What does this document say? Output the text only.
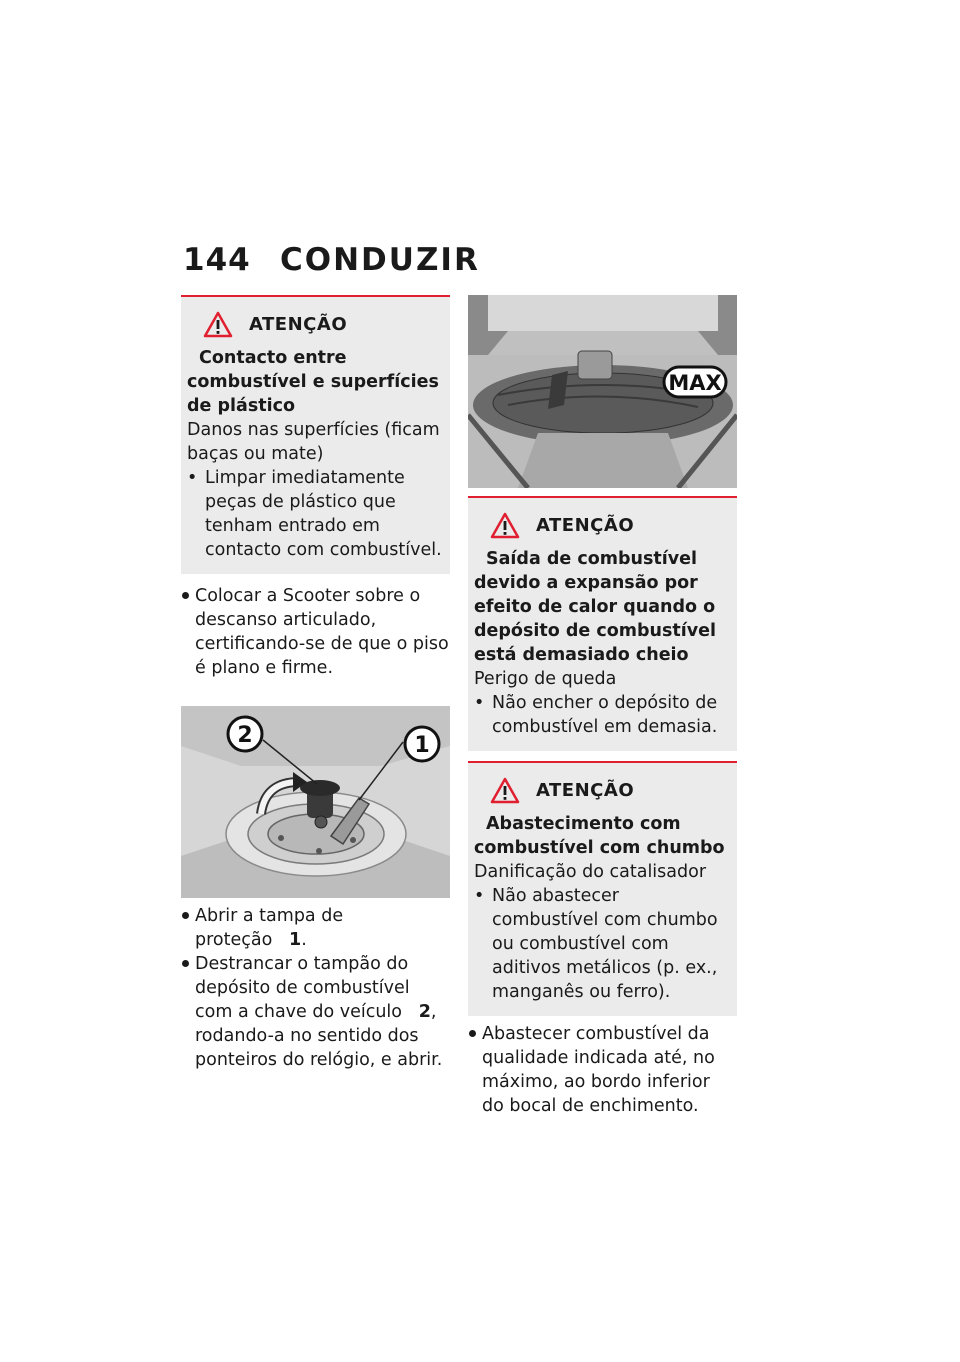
144 CONDUZIR
ATENÇÃO
Contacto entre combustível e superfícies de plástico
Danos nas superfícies (ficam baças ou mate)
• Limpar imediatamente peças de plástico que tenham entrado em contacto com combustível.
Colocar a Scooter sobre o descanso articulado, certificando-se de que o piso é plano e firme.
2	1
Abrir a tampa de proteção 1.
Destrancar o tampão do depósito de combustível com a chave do veículo 2, rodando-a no sentido dos ponteiros do relógio, e abrir.
MAX
ATENÇÃO
Saída de combustível devido a expansão por efeito de calor quando o depósito de combustível está demasiado cheio
Perigo de queda
• Não encher o depósito de combustível em demasia.
ATENÇÃO
Abastecimento com combustível com chumbo
Danificação do catalisador
• Não abastecer combustível com chumbo ou combustível com aditivos metálicos (p. ex., manganês ou ferro).
Abastecer combustível da qualidade indicada até, no máximo, ao bordo inferior do bocal de enchimento.
